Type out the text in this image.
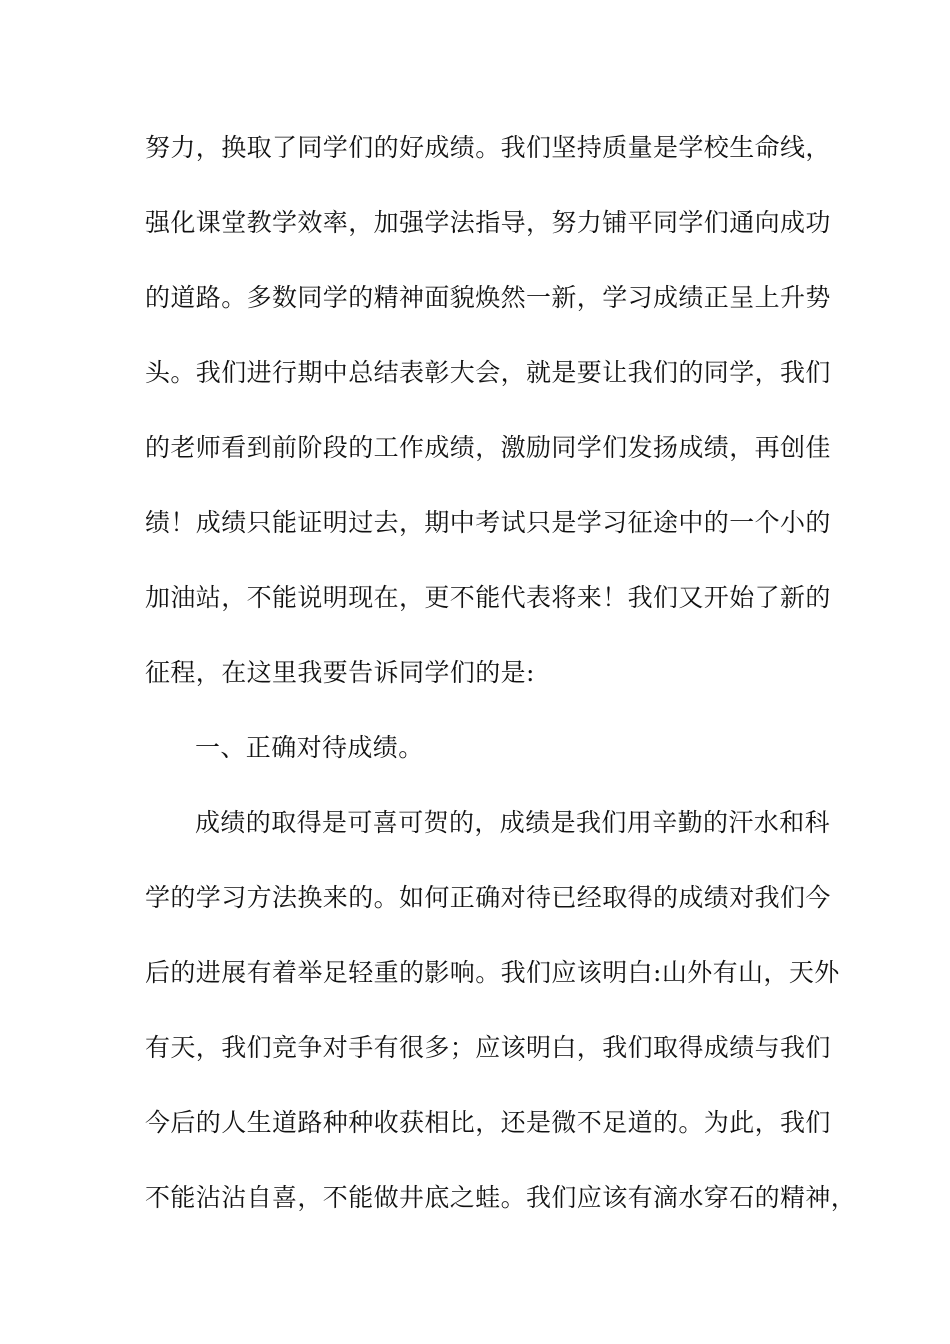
努力，换取了同学们的好成绩。我们坚持质量是学校生命线，
强化课堂教学效率，加强学法指导，努力铺平同学们通向成功
的道路。多数同学的精神面貌焕然一新，学习成绩正呈上升势
头。我们进行期中总结表彰大会，就是要让我们的同学，我们
的老师看到前阶段的工作成绩，激励同学们发扬成绩，再创佳
绩！成绩只能证明过去，期中考试只是学习征途中的一个小的
加油站，不能说明现在，更不能代表将来！我们又开始了新的
征程，在这里我要告诉同学们的是:
一、正确对待成绩。
成绩的取得是可喜可贺的，成绩是我们用辛勤的汗水和科
学的学习方法换来的。如何正确对待已经取得的成绩对我们今
后的进展有着举足轻重的影响。我们应该明白:山外有山，天外
有天，我们竞争对手有很多；应该明白，我们取得成绩与我们
今后的人生道路种种收获相比，还是微不足道的。为此，我们
不能沾沾自喜，不能做井底之蛙。我们应该有滴水穿石的精神，
